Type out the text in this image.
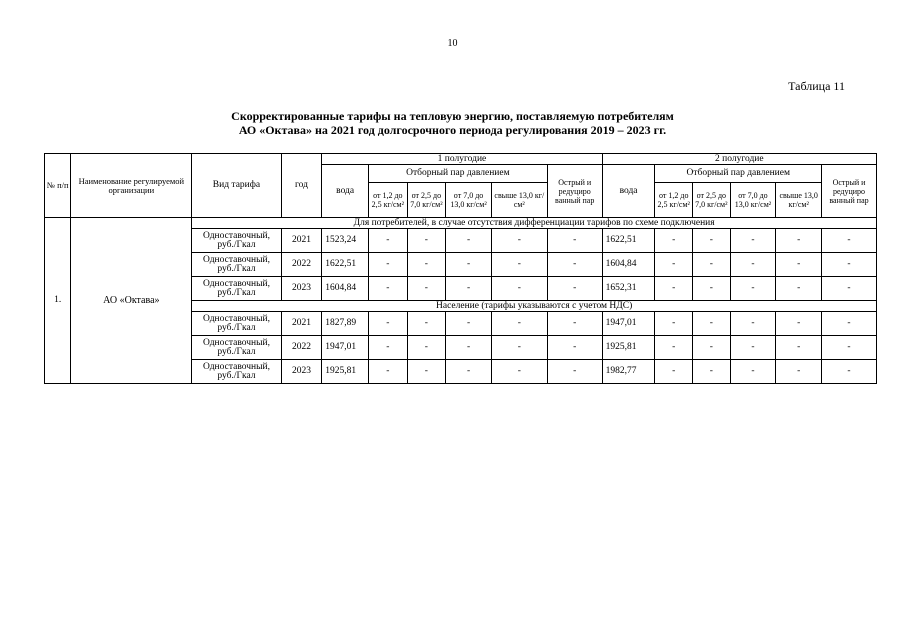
10
Таблица 11
Скорректированные тарифы на тепловую энергию, поставляемую потребителям
АО «Октава» на 2021 год долгосрочного периода регулирования 2019 – 2023 гг.
№ п/п	Наименование регулируемой организации	Вид тарифа	год	1 полугодие						2 полугодие					
				вода	Отборный пар давлением				Острый и редуциро ванный пар	вода	Отборный пар давлением				Острый и редуциро ванный пар
					от 1,2 до 2,5 кг/см²	от 2,5 до 7,0 кг/см²	от 7,0 до 13,0 кг/см²	свыше 13,0 кг/см²			от 1,2 до 2,5 кг/см²	от 2,5 до 7,0 кг/см²	от 7,0 до 13,0 кг/см²	свыше 13,0 кг/см²	
1.	АО «Октава»	Для потребителей, в случае отсутствия дифференциации тарифов по схеме подключения													
		Одноставочный, руб./Гкал	2021	1523,24	-	-	-	-	-	1622,51	-	-	-	-	-
		Одноставочный, руб./Гкал	2022	1622,51	-	-	-	-	-	1604,84	-	-	-	-	-
		Одноставочный, руб./Гкал	2023	1604,84	-	-	-	-	-	1652,31	-	-	-	-	-
		Население (тарифы указываются с учетом НДС)													
		Одноставочный, руб./Гкал	2021	1827,89	-	-	-	-	-	1947,01	-	-	-	-	-
		Одноставочный, руб./Гкал	2022	1947,01	-	-	-	-	-	1925,81	-	-	-	-	-
		Одноставочный, руб./Гкал	2023	1925,81	-	-	-	-	-	1982,77	-	-	-	-	-
